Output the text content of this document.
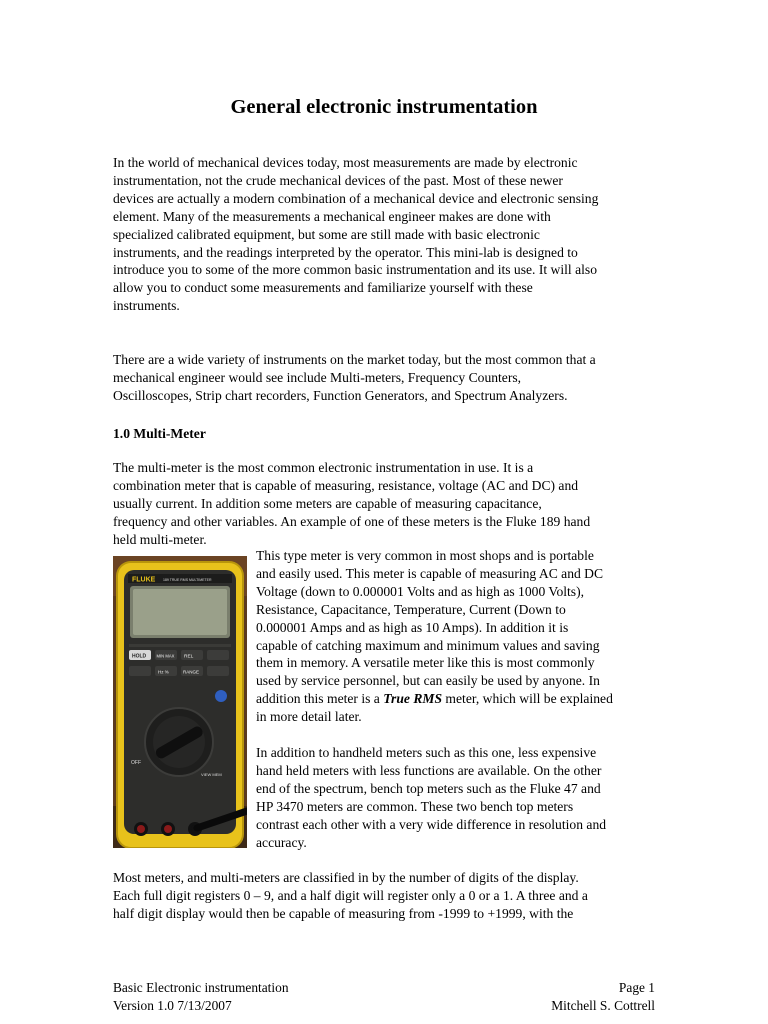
General electronic instrumentation

In the world of mechanical devices today, most measurements are made by electronic
instrumentation, not the crude mechanical devices of the past. Most of these newer
devices are actually a modern combination of a mechanical device and electronic sensing
element. Many of the measurements a mechanical engineer makes are done with
specialized calibrated equipment, but some are still made with basic electronic
instruments, and the readings interpreted by the operator. This mini-lab is designed to
introduce you to some of the more common basic instrumentation and its use. It will also
allow you to conduct some measurements and familiarize yourself with these
instruments.

There are a wide variety of instruments on the market today, but the most common that a
mechanical engineer would see include Multi-meters, Frequency Counters,
Oscilloscopes, Strip chart recorders, Function Generators, and Spectrum Analyzers.

1.0 Multi-Meter

The multi-meter is the most common electronic instrumentation in use. It is a
combination meter that is capable of measuring, resistance, voltage (AC and DC) and
usually current. In addition some meters are capable of measuring capacitance,
frequency and other variables. An example of one of these meters is the Fluke 189 hand
held multi-meter.

FLUKE 189 TRUE RMS MULTIMETER
HOLD MIN MAX REL
Hz %	RANGE
OFF
VIEW MEM

This type meter is very common in most shops and is portable
and easily used. This meter is capable of measuring AC and DC
Voltage (down to 0.000001 Volts and as high as 1000 Volts),
Resistance, Capacitance, Temperature, Current (Down to
0.000001 Amps and as high as 10 Amps). In addition it is
capable of catching maximum and minimum values and saving
them in memory. A versatile meter like this is most commonly
used by service personnel, but can easily be used by anyone. In
addition this meter is a True RMS meter, which will be explained
in more detail later.

In addition to handheld meters such as this one, less expensive
hand held meters with less functions are available. On the other
end of the spectrum, bench top meters such as the Fluke 47 and
HP 3470 meters are common. These two bench top meters
contrast each other with a very wide difference in resolution and
accuracy.

Most meters, and multi-meters are classified in by the number of digits of the display.
Each full digit registers 0 – 9, and a half digit will register only a 0 or a 1. A three and a
half digit display would then be capable of measuring from -1999 to +1999, with the

Basic Electronic instrumentation
Version 1.0 7/13/2007
Page 1
Mitchell S. Cottrell
